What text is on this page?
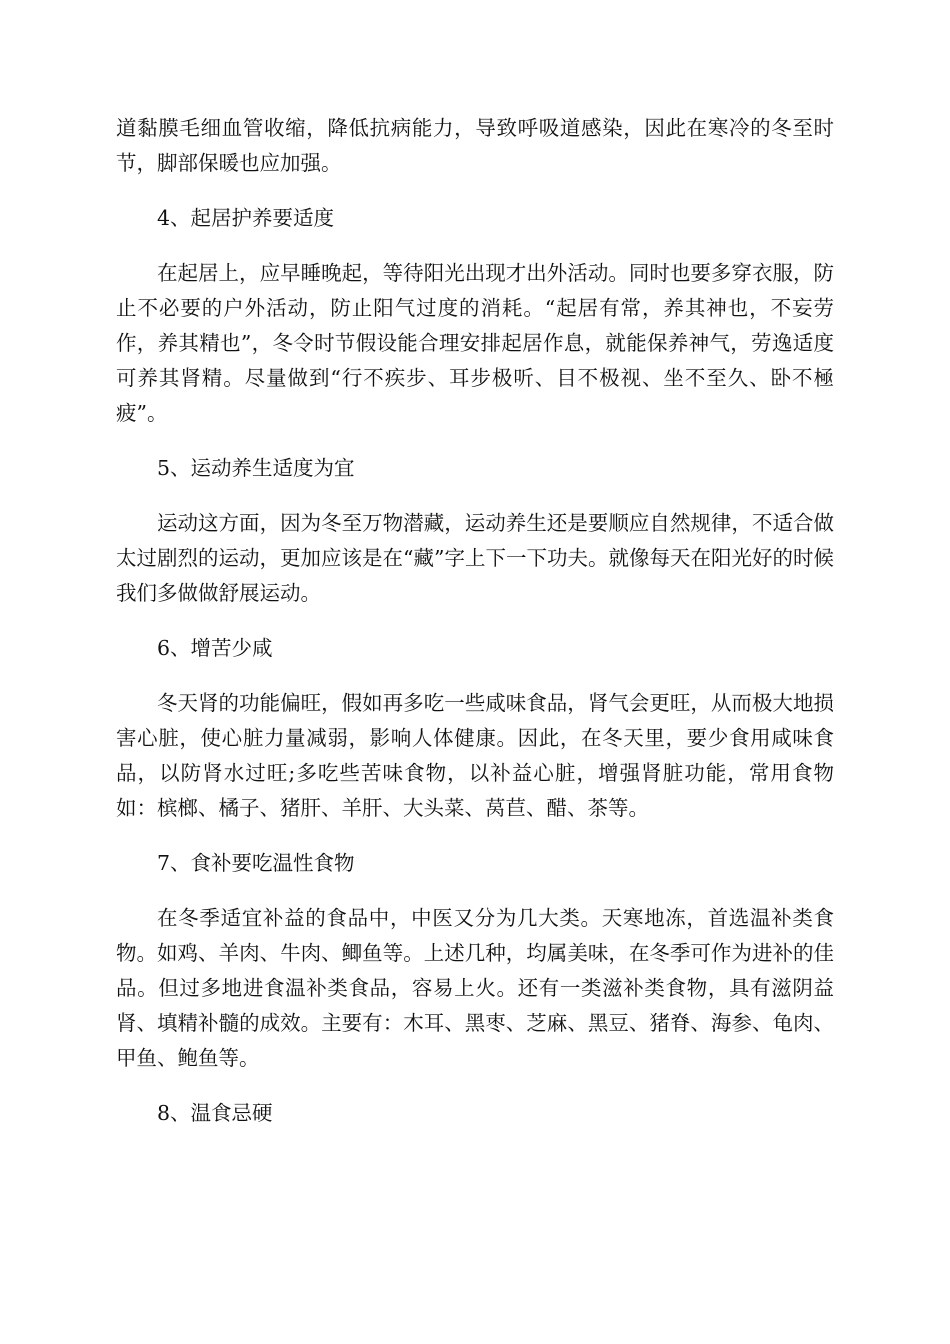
道黏膜毛细血管收缩，降低抗病能力，导致呼吸道感染，因此在寒冷的冬至时节，脚部保暖也应加强。

4、起居护养要适度

在起居上，应早睡晚起，等待阳光出现才出外活动。同时也要多穿衣服，防止不必要的户外活动，防止阳气过度的消耗。“起居有常，养其神也，不妄劳作，养其精也”，冬令时节假设能合理安排起居作息，就能保养神气，劳逸适度可养其肾精。尽量做到“行不疾步、耳步极听、目不极视、坐不至久、卧不極疲”。

5、运动养生适度为宜

运动这方面，因为冬至万物潜藏，运动养生还是要顺应自然规律，不适合做太过剧烈的运动，更加应该是在“藏”字上下一下功夫。就像每天在阳光好的时候我们多做做舒展运动。

6、增苦少咸

冬天肾的功能偏旺，假如再多吃一些咸味食品，肾气会更旺，从而极大地损害心脏，使心脏力量减弱，影响人体健康。因此，在冬天里，要少食用咸味食品，以防肾水过旺;多吃些苦味食物，以补益心脏，增强肾脏功能，常用食物如：槟榔、橘子、猪肝、羊肝、大头菜、莴苣、醋、茶等。

7、食补要吃温性食物

在冬季适宜补益的食品中，中医又分为几大类。天寒地冻，首选温补类食物。如鸡、羊肉、牛肉、鲫鱼等。上述几种，均属美味，在冬季可作为进补的佳品。但过多地进食温补类食品，容易上火。还有一类滋补类食物，具有滋阴益肾、填精补髓的成效。主要有：木耳、黑枣、芝麻、黑豆、猪脊、海参、龟肉、甲鱼、鲍鱼等。

8、温食忌硬
